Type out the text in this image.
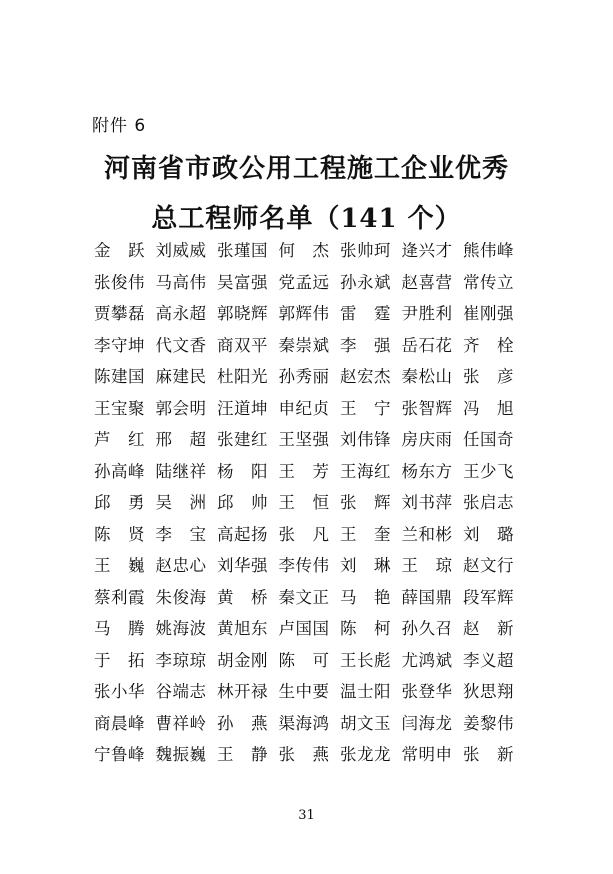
附件 6
河南省市政公用工程施工企业优秀
总工程师名单（141 个）
金　跃 刘威威 张瑾国 何　杰 张帅珂 逄兴才 熊伟峰
张俊伟 马高伟 吴富强 党孟远 孙永斌 赵喜营 常传立
贾攀磊 高永超 郭晓辉 郭辉伟 雷　霆 尹胜利 崔刚强
李守坤 代文香 商双平 秦崇斌 李　强 岳石花 齐　栓
陈建国 麻建民 杜阳光 孙秀丽 赵宏杰 秦松山 张　彦
王宝聚 郭会明 汪道坤 申纪贞 王　宁 张智辉 冯　旭
芦　红 邢　超 张建红 王坚强 刘伟锋 房庆雨 任国奇
孙高峰 陆继祥 杨　阳 王　芳 王海红 杨东方 王少飞
邱　勇 吴　洲 邱　帅 王　恒 张　辉 刘书萍 张启志
陈　贤 李　宝 高起扬 张　凡 王　奎 兰和彬 刘　璐
王　巍 赵忠心 刘华强 李传伟 刘　琳 王　琼 赵文行
蔡利霞 朱俊海 黄　桥 秦文正 马　艳 薛国鼎 段军辉
马　腾 姚海波 黄旭东 卢国国 陈　柯 孙久召 赵　新
于　拓 李琼琼 胡金刚 陈　可 王长彪 尤鸿斌 李义超
张小华 谷端志 林开禄 生中要 温士阳 张登华 狄思翔
商晨峰 曹祥岭 孙　燕 渠海鸿 胡文玉 闫海龙 姜黎伟
宁鲁峰 魏振巍 王　静 张　燕 张龙龙 常明申 张　新
31
